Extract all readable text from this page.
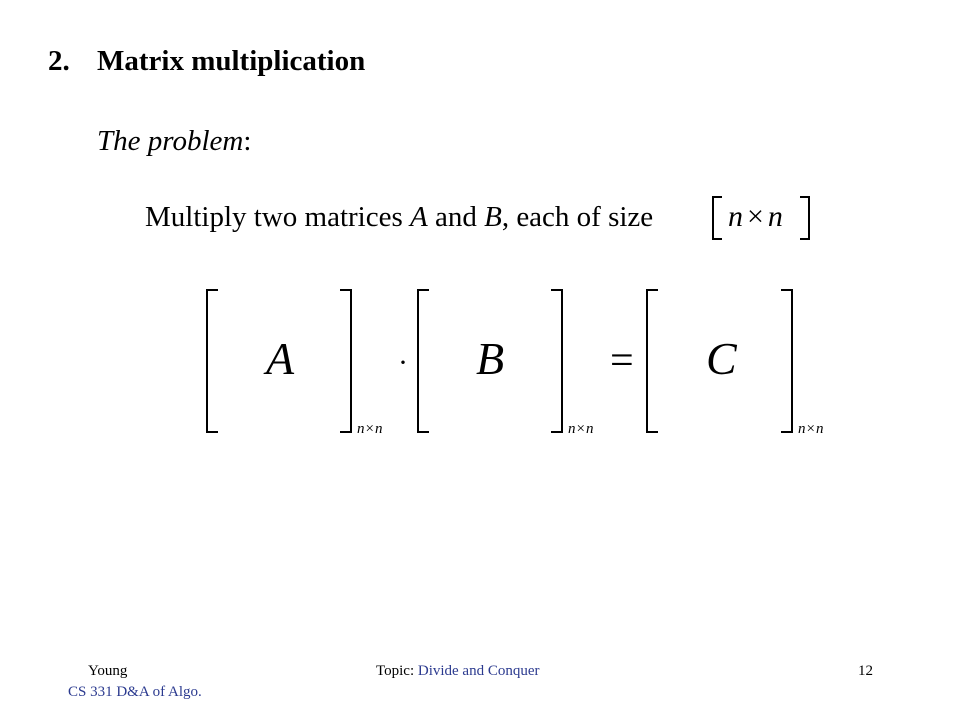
2. Matrix multiplication
The problem:
Multiply two matrices A and B, each of size n × n
A
n×n
· B
n×n
= C
n×n
Young
CS 331 D&A of Algo.
Topic: Divide and Conquer	12
